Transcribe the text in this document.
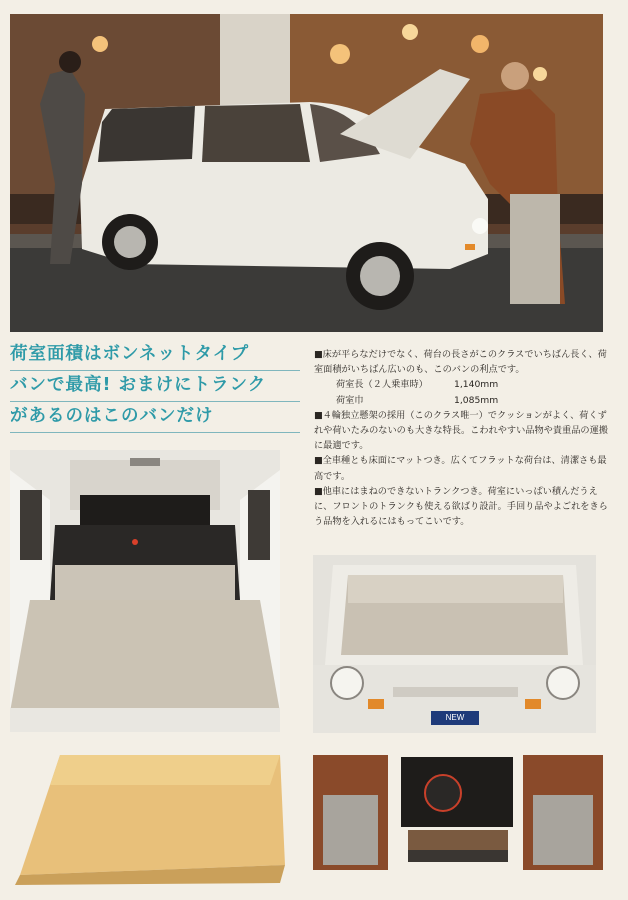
荷室面積はボンネットタイプ
バンで最高! おまけにトランク
があるのはこのバンだけ

■床が平らなだけでなく、荷台の長さがこのクラスでいちばん長く、荷室面積がいちばん広いのも、このバンの利点です。

荷室長（２人乗車時）	1,140mm
荷室巾	1,085mm

■４輪独立懸架の採用（このクラス唯一）でクッションがよく、荷くずれや荷いたみのないのも大きな特長。こわれやすい品物や貴重品の運搬に最適です。

■全車種とも床面にマットつき。広くてフラットな荷台は、清潔さも最高です。

■他車にはまねのできないトランクつき。荷室にいっぱい積んだうえに、フロントのトランクも使える欲ばり設計。手回り品やよごれをきらう品物を入れるにはもってこいです。

NEW
